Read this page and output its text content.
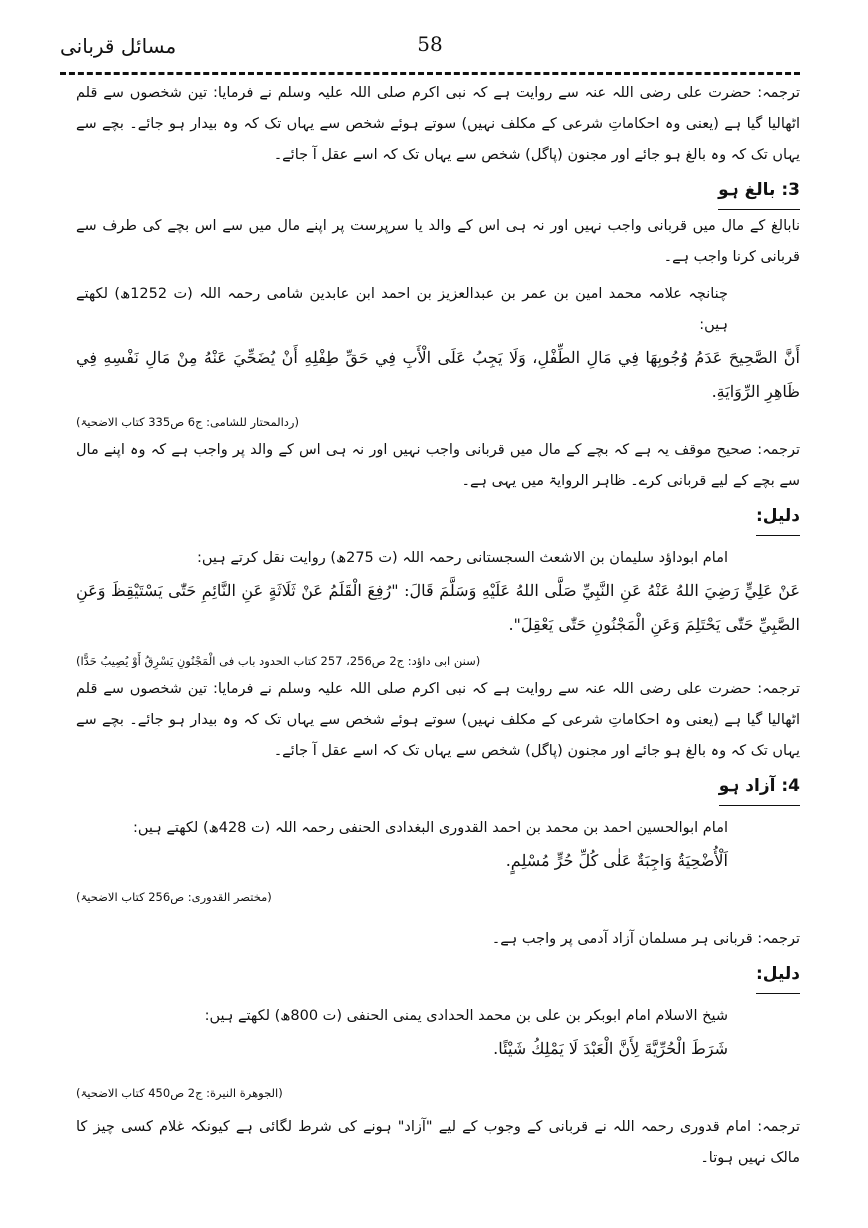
58
مسائل قربانی

ترجمہ: حضرت علی رضی اللہ عنہ سے روایت ہے کہ نبی اکرم صلی اللہ علیہ وسلم نے فرمایا: تین شخصوں سے قلم اٹھالیا گیا ہے (یعنی وہ احکاماتِ شرعی کے مکلف نہیں) سوتے ہوئے شخص سے یہاں تک کہ وہ بیدار ہو جائے۔ بچے سے یہاں تک کہ وہ بالغ ہو جائے اور مجنون (پاگل) شخص سے یہاں تک کہ اسے عقل آ جائے۔

3: بالغ ہو

نابالغ کے مال میں قربانی واجب نہیں اور نہ ہی اس کے والد یا سرپرست پر اپنے مال میں سے اس بچے کی طرف سے قربانی کرنا واجب ہے۔

چنانچہ علامہ محمد امین بن عمر بن عبدالعزیز بن احمد ابن عابدین شامی رحمہ اللہ (ت 1252ھ) لکھتے ہیں:

أَنَّ الصَّحِيحَ عَدَمُ وُجُوبِهَا فِي مَالِ الطِّفْلِ، وَلَا يَجِبُ عَلَى الْأَبِ فِي حَقِّ طِفْلِهِ أَنْ يُضَحِّيَ عَنْهُ مِنْ مَالِ نَفْسِهِ فِي ظَاهِرِ الرِّوَايَةِ.

(ردالمحتار للشامی: ج6 ص335 کتاب الاضحیۃ)

ترجمہ: صحیح موقف یہ ہے کہ بچے کے مال میں قربانی واجب نہیں اور نہ ہی اس کے والد پر واجب ہے کہ وہ اپنے مال سے بچے کے لیے قربانی کرے۔ ظاہر الروایۃ میں یہی ہے۔

دلیل:

امام ابوداؤد سلیمان بن الاشعث السجستانی رحمہ اللہ (ت 275ھ) روایت نقل کرتے ہیں:

عَنْ عَلِيٍّ رَضِيَ اللهُ عَنْهُ عَنِ النَّبِيِّ صَلَّى اللهُ عَلَيْهِ وَسَلَّمَ قَالَ: "رُفِعَ الْقَلَمُ عَنْ ثَلَاثَةٍ عَنِ النَّائِمِ حَتّٰى يَسْتَيْقِظَ وَعَنِ الصَّبِيِّ حَتّٰى يَحْتَلِمَ وَعَنِ الْمَجْنُونِ حَتّٰى يَعْقِلَ".

(سنن ابی داؤد: ج2 ص256، 257 کتاب الحدود باب فی الْمَجْنُونِ يَسْرِقُ أَوْ يُصِيبُ حَدًّا)

ترجمہ: حضرت علی رضی اللہ عنہ سے روایت ہے کہ نبی اکرم صلی اللہ علیہ وسلم نے فرمایا: تین شخصوں سے قلم اٹھالیا گیا ہے (یعنی وہ احکاماتِ شرعی کے مکلف نہیں) سوتے ہوئے شخص سے یہاں تک کہ وہ بیدار ہو جائے۔ بچے سے یہاں تک کہ وہ بالغ ہو جائے اور مجنون (پاگل) شخص سے یہاں تک کہ اسے عقل آ جائے۔

4: آزاد ہو

امام ابوالحسین احمد بن محمد بن احمد القدوری البغدادی الحنفی رحمہ اللہ (ت 428ھ) لکھتے ہیں:

اَلْأُضْحِيَةُ وَاجِبَةٌ عَلٰى كُلِّ حُرٍّ مُسْلِمٍ.

(مختصر القدوری: ص256 کتاب الاضحیۃ)

ترجمہ: قربانی ہر مسلمان آزاد آدمی پر واجب ہے۔

دلیل:

شیخ الاسلام امام ابوبکر بن علی بن محمد الحدادی یمنی الحنفی (ت 800ھ) لکھتے ہیں:

شَرَطَ الْحُرِّيَّةَ لِأَنَّ الْعَبْدَ لَا يَمْلِكُ شَيْئًا.

(الجوهرة النيرة: ج2 ص450 کتاب الاضحیۃ)

ترجمہ: امام قدوری رحمہ اللہ نے قربانی کے وجوب کے لیے "آزاد" ہونے کی شرط لگائی ہے کیونکہ غلام کسی چیز کا مالک نہیں ہوتا۔
